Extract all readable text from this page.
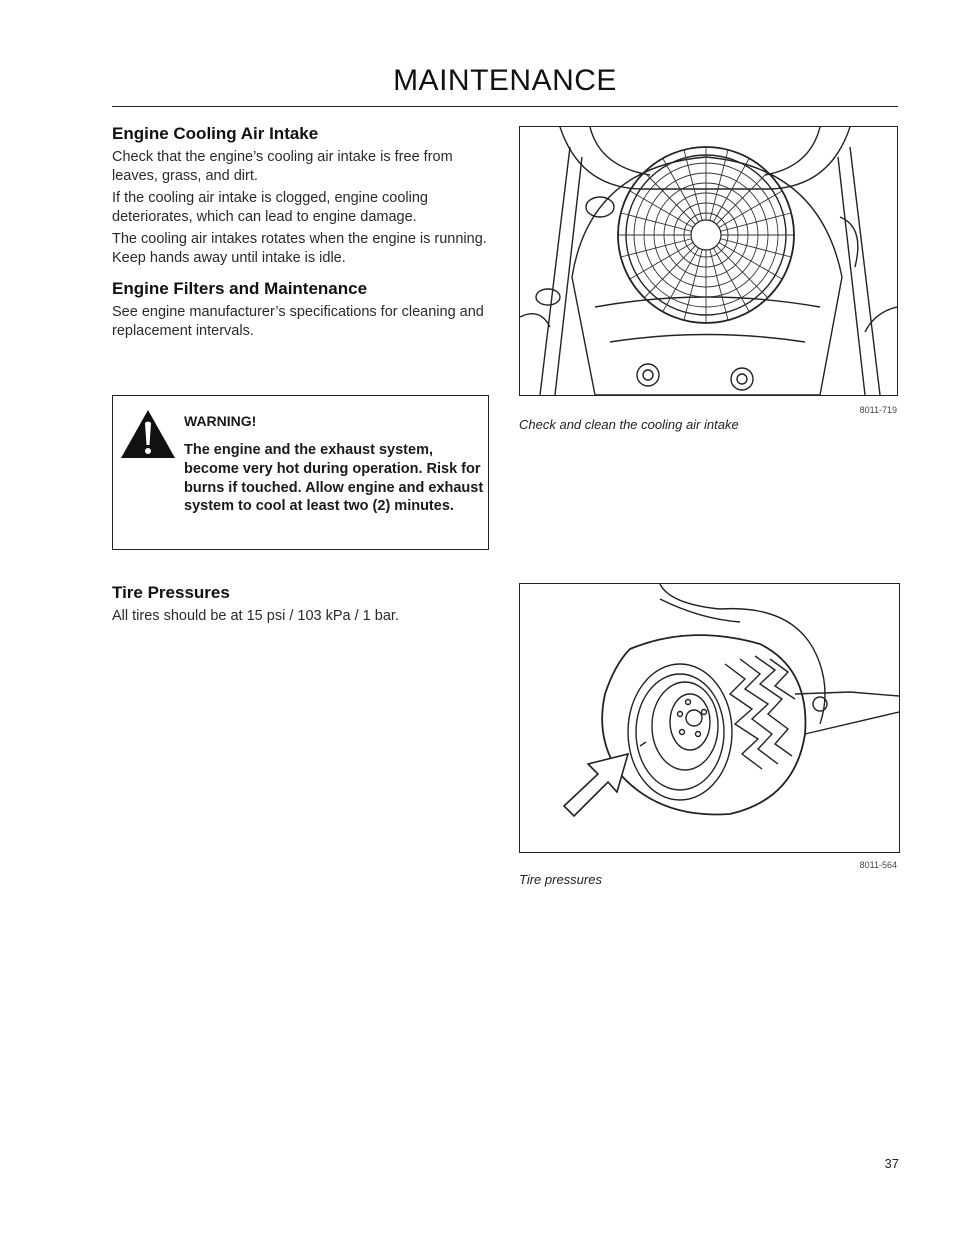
MAINTENANCE
Engine Cooling Air Intake

Check that the engine’s cooling air intake is free from leaves, grass, and dirt.

If the cooling air intake is clogged, engine cooling deteriorates, which can lead to engine damage.

The cooling air intakes rotates when the engine is running. Keep hands away until intake is idle.

Engine Filters and Maintenance

See engine manufacturer’s specifications for cleaning and replacement intervals.

WARNING!
The engine and the exhaust system, become very hot during operation. Risk for burns if touched. Allow engine and exhaust system to cool at least two (2) minutes.
Tire Pressures

All tires should be at 15 psi / 103 kPa / 1 bar.

8011-719
Check and clean the cooling air intake
8011-564
Tire pressures
37
